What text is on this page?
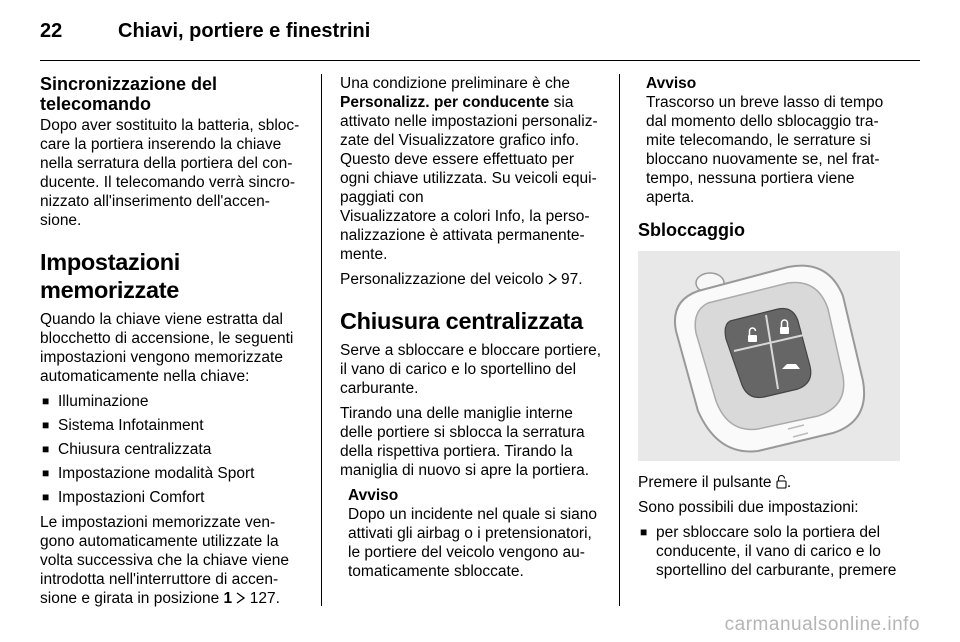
22	Chiavi, portiere e finestrini
Sincronizzazione del
telecomando

Dopo aver sostituito la batteria, sbloccare la portiera inserendo la chiave nella serratura della portiera del conducente. Il telecomando verrà sincronizzato all'inserimento dell'accensione.

Impostazioni memorizzate

Quando la chiave viene estratta dal blocchetto di accensione, le seguenti impostazioni vengono memorizzate automaticamente nella chiave:

■ Illuminazione
■ Sistema Infotainment
■ Chiusura centralizzata
■ Impostazione modalità Sport
■ Impostazioni Comfort

Le impostazioni memorizzate vengono automaticamente utilizzate la volta successiva che la chiave viene introdotta nell'interruttore di accensione e girata in posizione 1 127.

Una condizione preliminare è che
Personalizz. per conducente sia attivato nelle impostazioni personalizzate del Visualizzatore grafico info. Questo deve essere effettuato per ogni chiave utilizzata. Su veicoli equipaggiati con
Visualizzatore a colori Info, la personalizzazione è attivata permanentemente.

Personalizzazione del veicolo 97.

Chiusura centralizzata

Serve a sbloccare e bloccare portiere, il vano di carico e lo sportellino del carburante.

Tirando una delle maniglie interne delle portiere si sblocca la serratura della rispettiva portiera. Tirando la maniglia di nuovo si apre la portiera.

Avviso
Dopo un incidente nel quale si siano attivati gli airbag o i pretensionatori, le portiere del veicolo vengono automaticamente sbloccate.
Avviso
Trascorso un breve lasso di tempo dal momento dello sblocaggio tramite telecomando, le serrature si bloccano nuovamente se, nel frattempo, nessuna portiera viene aperta.
Sbloccaggio

Premere il pulsante .

Sono possibili due impostazioni:

■ per sbloccare solo la portiera del conducente, il vano di carico e lo sportellino del carburante, premere
carmanualsonline.info
